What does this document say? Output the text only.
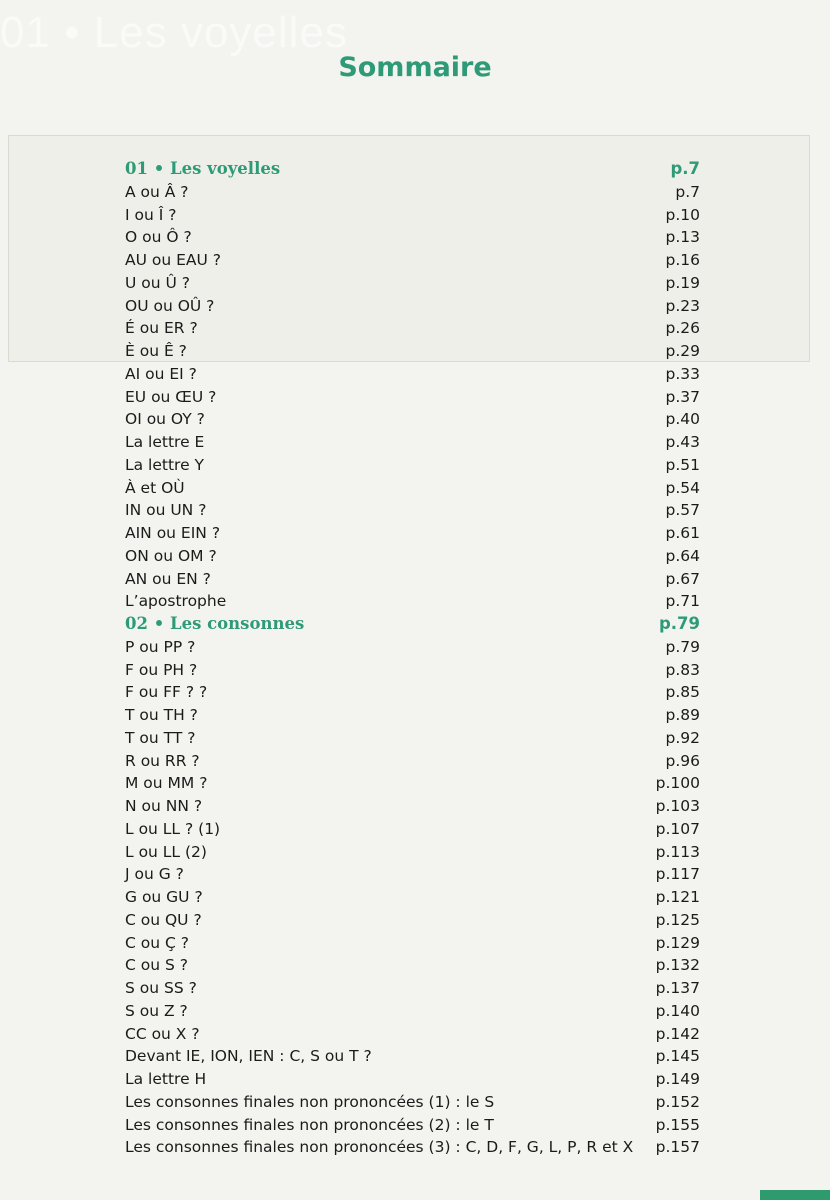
01 • Les voyelles
Sommaire
01 • Les voyelles	p.7
A ou Â ?	p.7
I ou Î ?	p.10
O ou Ô ?	p.13
AU ou EAU ?	p.16
U ou Û ?	p.19
OU ou OÛ ?	p.23
É ou ER ?	p.26
È ou Ê ?	p.29
AI ou EI ?	p.33
EU ou ŒU ?	p.37
OI ou OY ?	p.40
La lettre E	p.43
La lettre Y	p.51
À et OÙ	p.54
IN ou UN ?	p.57
AIN ou EIN ?	p.61
ON ou OM ?	p.64
AN ou EN ?	p.67
L’apostrophe	p.71
02 • Les consonnes	p.79
P ou PP ?	p.79
F ou PH ?	p.83
F ou FF ? ?	p.85
T ou TH ?	p.89
T ou TT ?	p.92
R ou RR ?	p.96
M ou MM ?	p.100
N ou NN ?	p.103
L ou LL ? (1)	p.107
L ou LL (2)	p.113
J ou G ?	p.117
G ou GU ?	p.121
C ou QU ?	p.125
C ou Ç ?	p.129
C ou S ?	p.132
S ou SS ?	p.137
S ou Z ?	p.140
CC ou X ?	p.142
Devant IE, ION, IEN : C, S ou T ?	p.145
La lettre H	p.149
Les consonnes finales non prononcées (1) : le S	p.152
Les consonnes finales non prononcées (2) : le T	p.155
Les consonnes finales non prononcées (3) : C, D, F, G, L, P, R et X p.157
